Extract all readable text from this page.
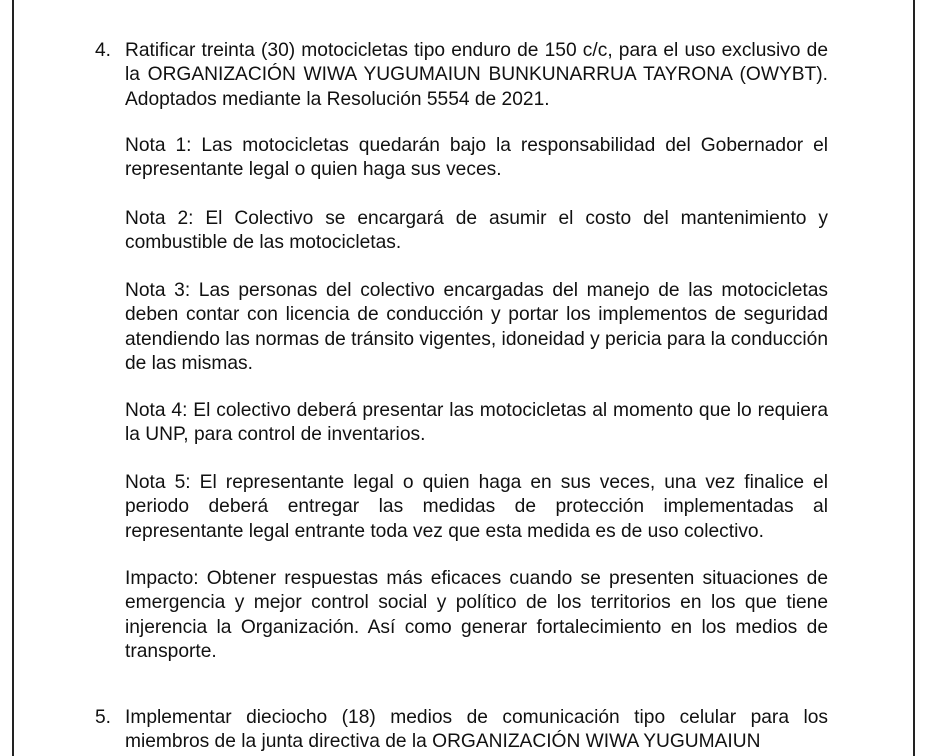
4. Ratificar treinta (30) motocicletas tipo enduro de 150 c/c, para el uso exclusivo de la ORGANIZACIÓN WIWA YUGUMAIUN BUNKUNARRUA TAYRONA (OWYBT). Adoptados mediante la Resolución 5554 de 2021.
Nota 1: Las motocicletas quedarán bajo la responsabilidad del Gobernador el representante legal o quien haga sus veces.
Nota 2: El Colectivo se encargará de asumir el costo del mantenimiento y combustible de las motocicletas.
Nota 3: Las personas del colectivo encargadas del manejo de las motocicletas deben contar con licencia de conducción y portar los implementos de seguridad atendiendo las normas de tránsito vigentes, idoneidad y pericia para la conducción de las mismas.
Nota 4: El colectivo deberá presentar las motocicletas al momento que lo requiera la UNP, para control de inventarios.
Nota 5: El representante legal o quien haga en sus veces, una vez finalice el periodo deberá entregar las medidas de protección implementadas al representante legal entrante toda vez que esta medida es de uso colectivo.
Impacto: Obtener respuestas más eficaces cuando se presenten situaciones de emergencia y mejor control social y político de los territorios en los que tiene injerencia la Organización. Así como generar fortalecimiento en los medios de transporte.
5. Implementar dieciocho (18) medios de comunicación tipo celular para los miembros de la junta directiva de la ORGANIZACIÓN WIWA YUGUMAIUN
